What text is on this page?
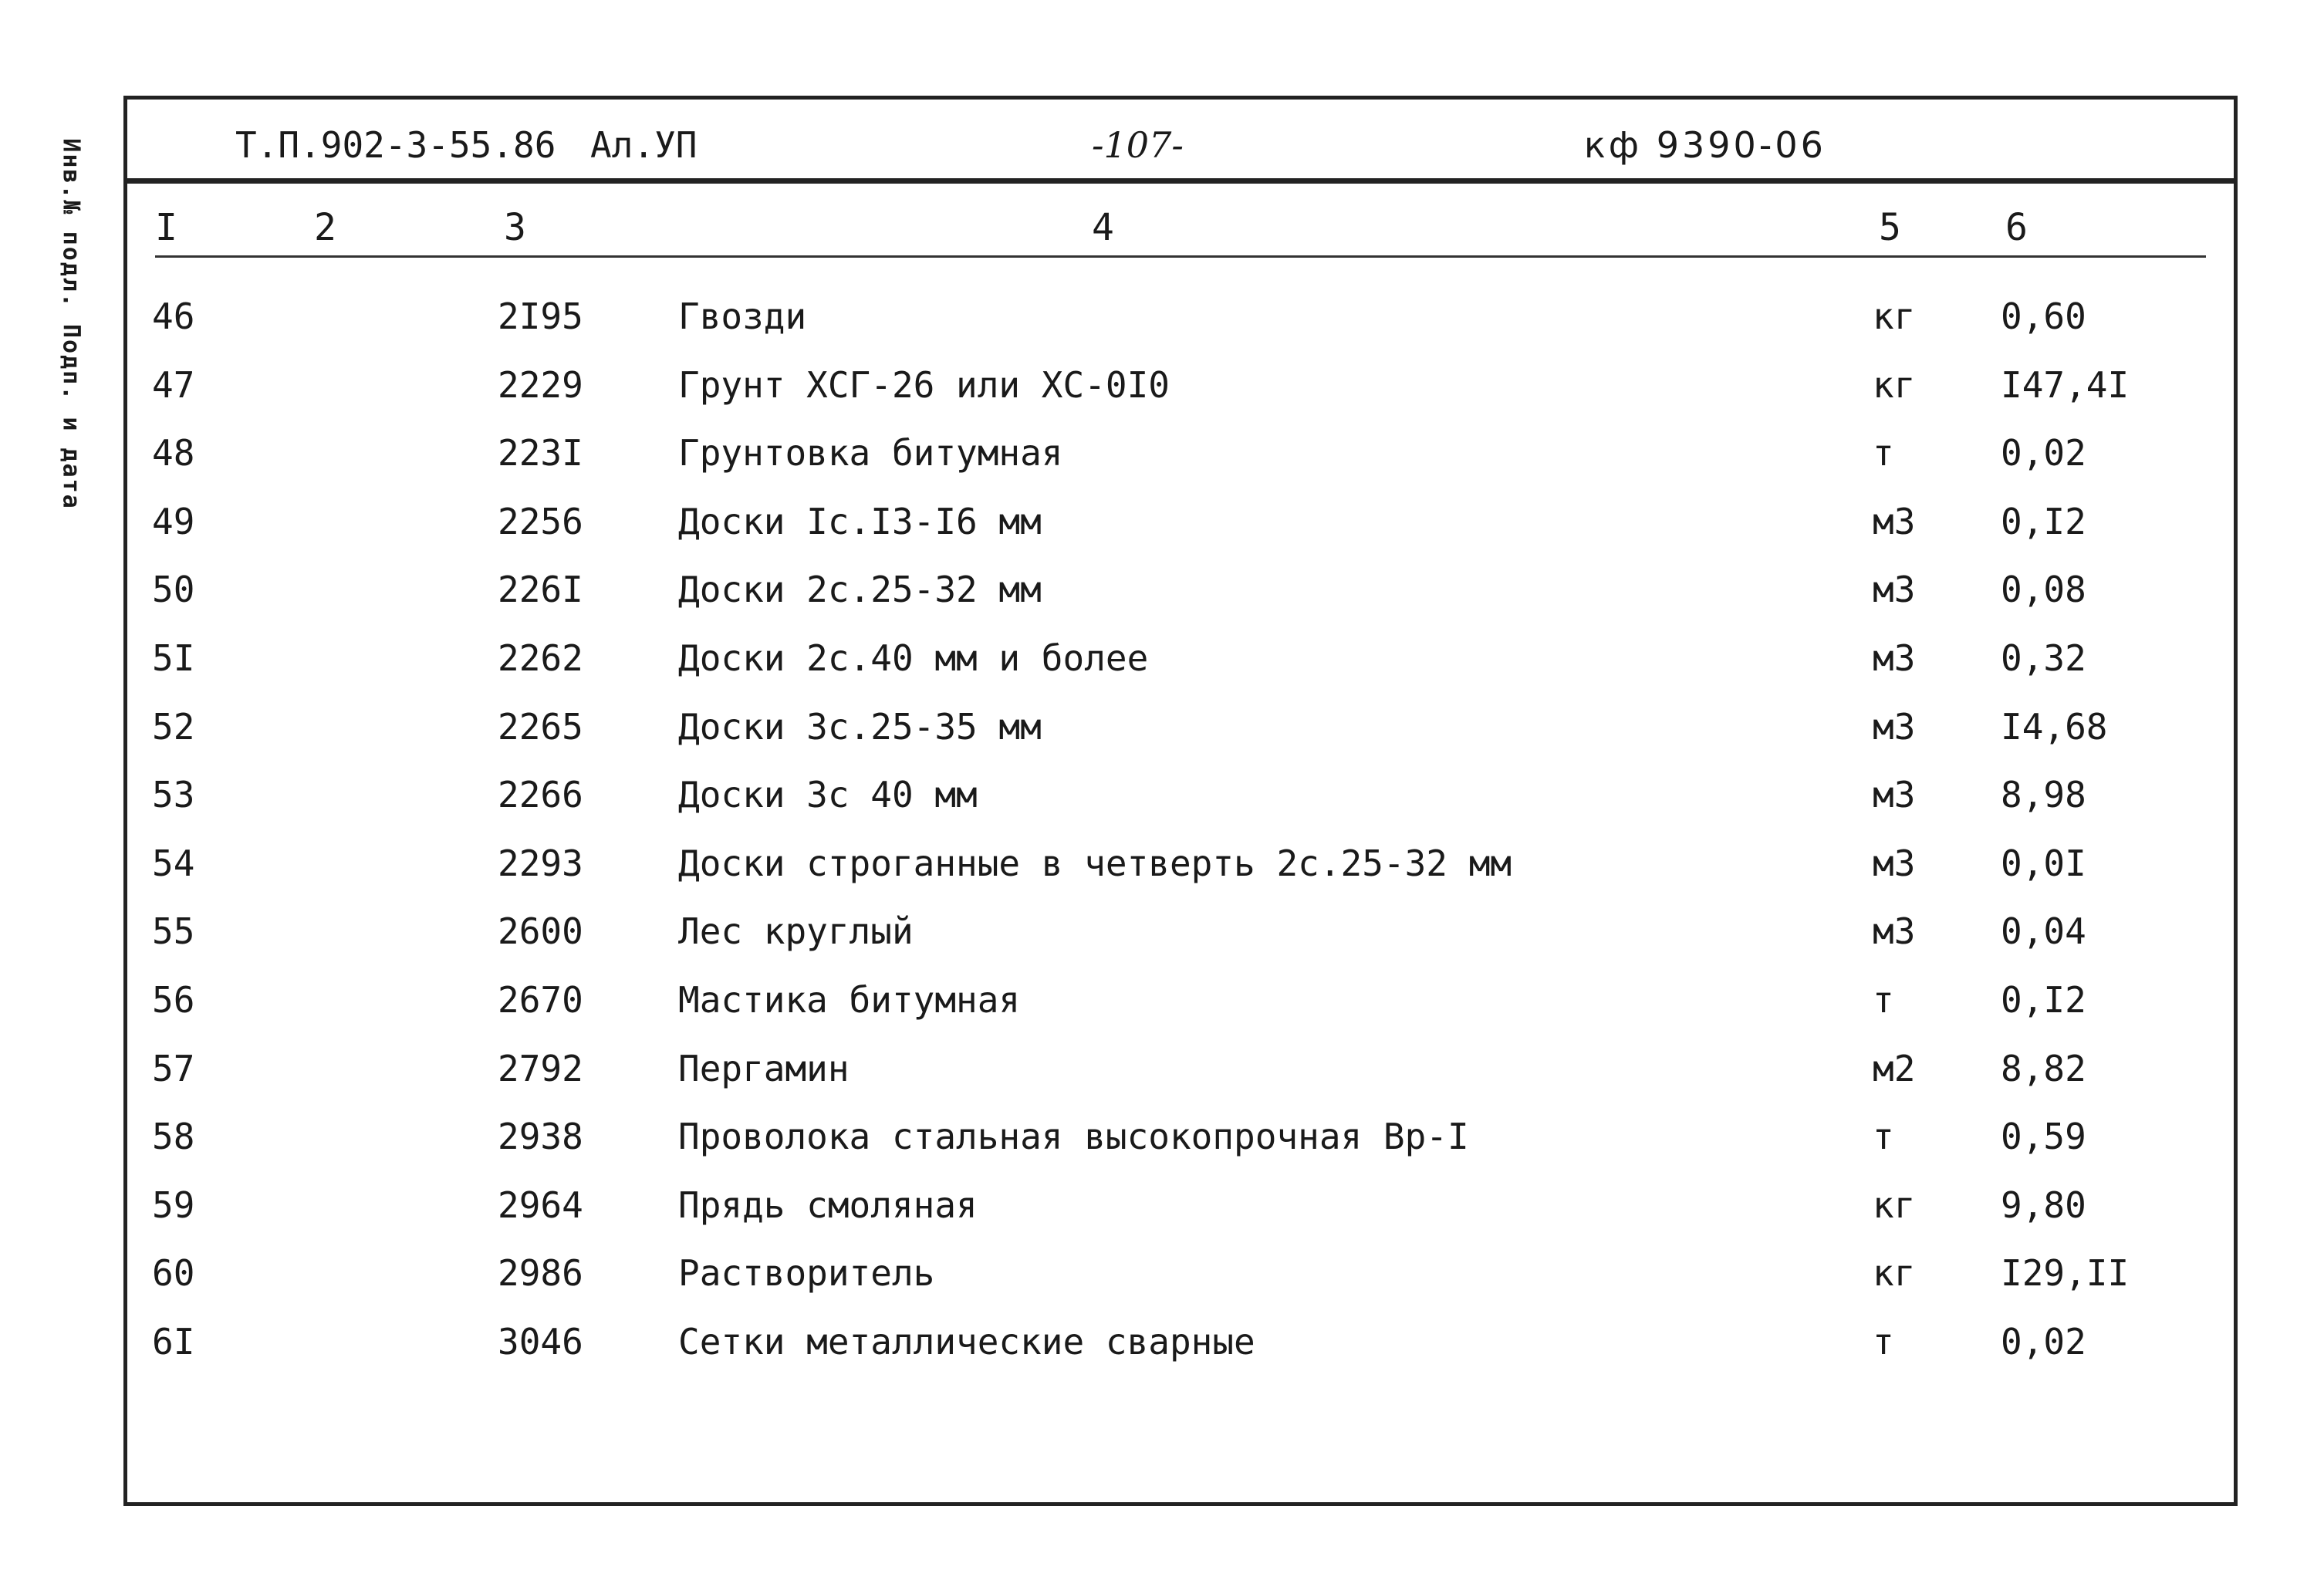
Инв.№ подл. Подп. и дата	Т.П.902-3-55.86 Ал.УП	-107-	кф 9390-06
I	2	3	4	5	6
46	2I95	Гвозди	кг 0,60
47	2229	Грунт ХСГ-26 или ХС-0I0	кг I47,4I
48	223I	Грунтовка битумная	т	0,02
49	2256	Доски Iс.I3-I6 мм	м3 0,I2
50	226I	Доски 2с.25-32 мм	м3 0,08
5I	2262	Доски 2с.40 мм и более	м3 0,32
52	2265	Доски 3с.25-35 мм	м3 I4,68
53	2266	Доски 3с 40 мм	м3 8,98
54	2293	Доски строганные в четверть 2с.25-32 мм	м3 0,0I
55	2600	Лес круглый	м3 0,04
56	2670	Мастика битумная	т	0,I2
57	2792	Пергамин	м2 8,82
58	2938	Проволока стальная высокопрочная Вр-I	т	0,59
59	2964	Прядь смоляная	кг 9,80
60	2986	Растворитель	кг I29,II
6I	3046	Сетки металлические сварные	т	0,02
